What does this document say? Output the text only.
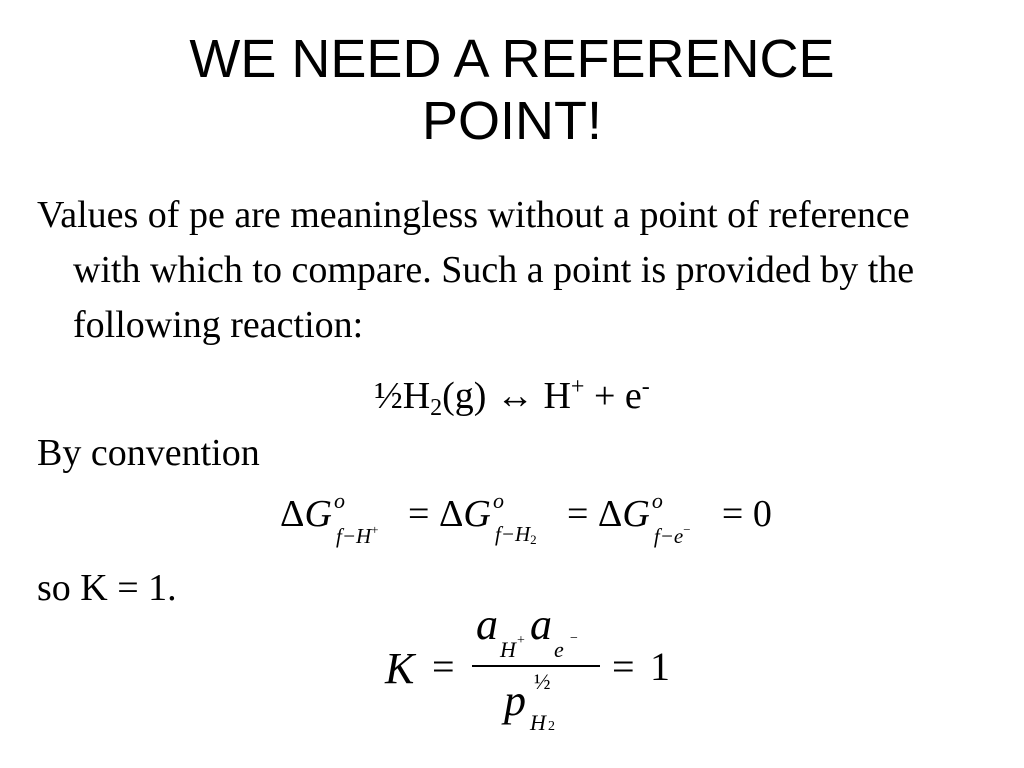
WE NEED A REFERENCE
POINT!
Values of pe are meaningless without a point of reference with which to compare. Such a point is provided by the following reaction:
$\frac{1}{2}H_2(g)$ ↔ H+ + e-
By convention
ΔG o
f−H+ = ΔG o
f−H2
= ΔG o
f−e− = 0
so K = 1.
K =
a
H + a
e −
½
p H 2
= 1
